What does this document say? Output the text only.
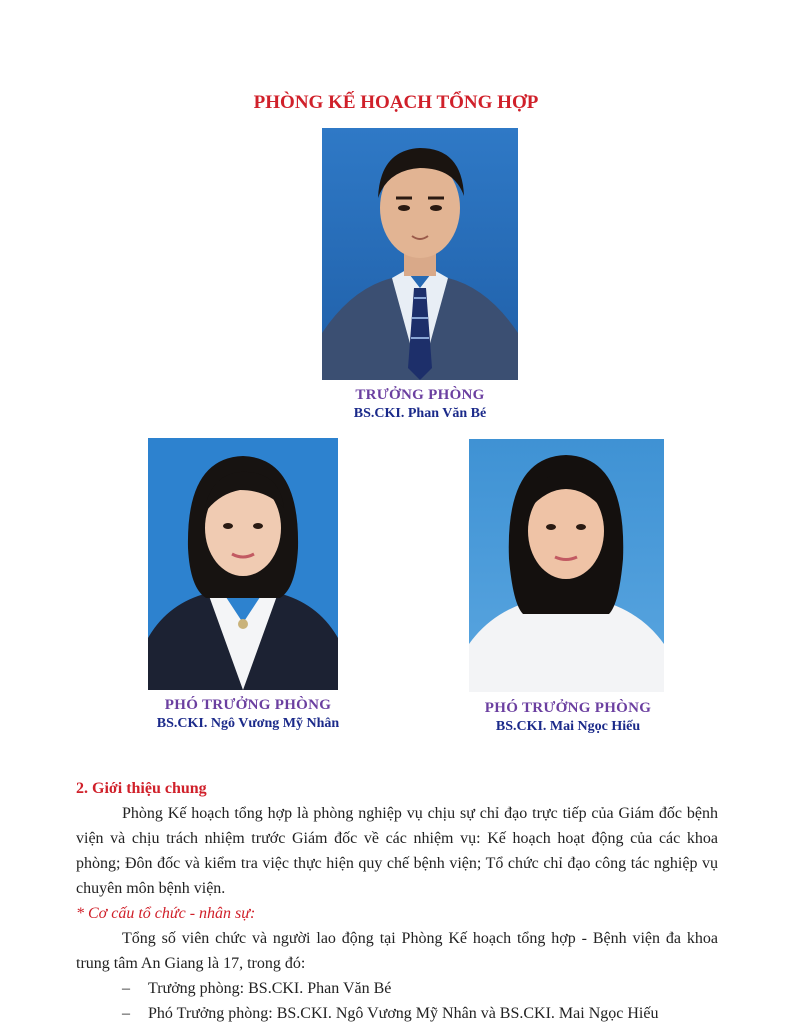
PHÒNG KẾ HOẠCH TỔNG HỢP
TRƯỞNG PHÒNG
BS.CKI. Phan Văn Bé
PHÓ TRƯỞNG PHÒNG
BS.CKI. Ngô Vương Mỹ Nhân
PHÓ TRƯỞNG PHÒNG
BS.CKI. Mai Ngọc Hiếu
2. Giới thiệu chung

Phòng Kế hoạch tổng hợp là phòng nghiệp vụ chịu sự chỉ đạo trực tiếp của Giám đốc bệnh viện và chịu trách nhiệm trước Giám đốc về các nhiệm vụ: Kế hoạch hoạt động của các khoa phòng; Đôn đốc và kiểm tra việc thực hiện quy chế bệnh viện; Tổ chức chỉ đạo công tác nghiệp vụ chuyên môn bệnh viện.

* Cơ cấu tổ chức - nhân sự:

Tổng số viên chức và người lao động tại Phòng Kế hoạch tổng hợp - Bệnh viện đa khoa trung tâm An Giang là 17, trong đó:

– Trưởng phòng: BS.CKI. Phan Văn Bé
– Phó Trưởng phòng: BS.CKI. Ngô Vương Mỹ Nhân và BS.CKI. Mai Ngọc Hiếu
